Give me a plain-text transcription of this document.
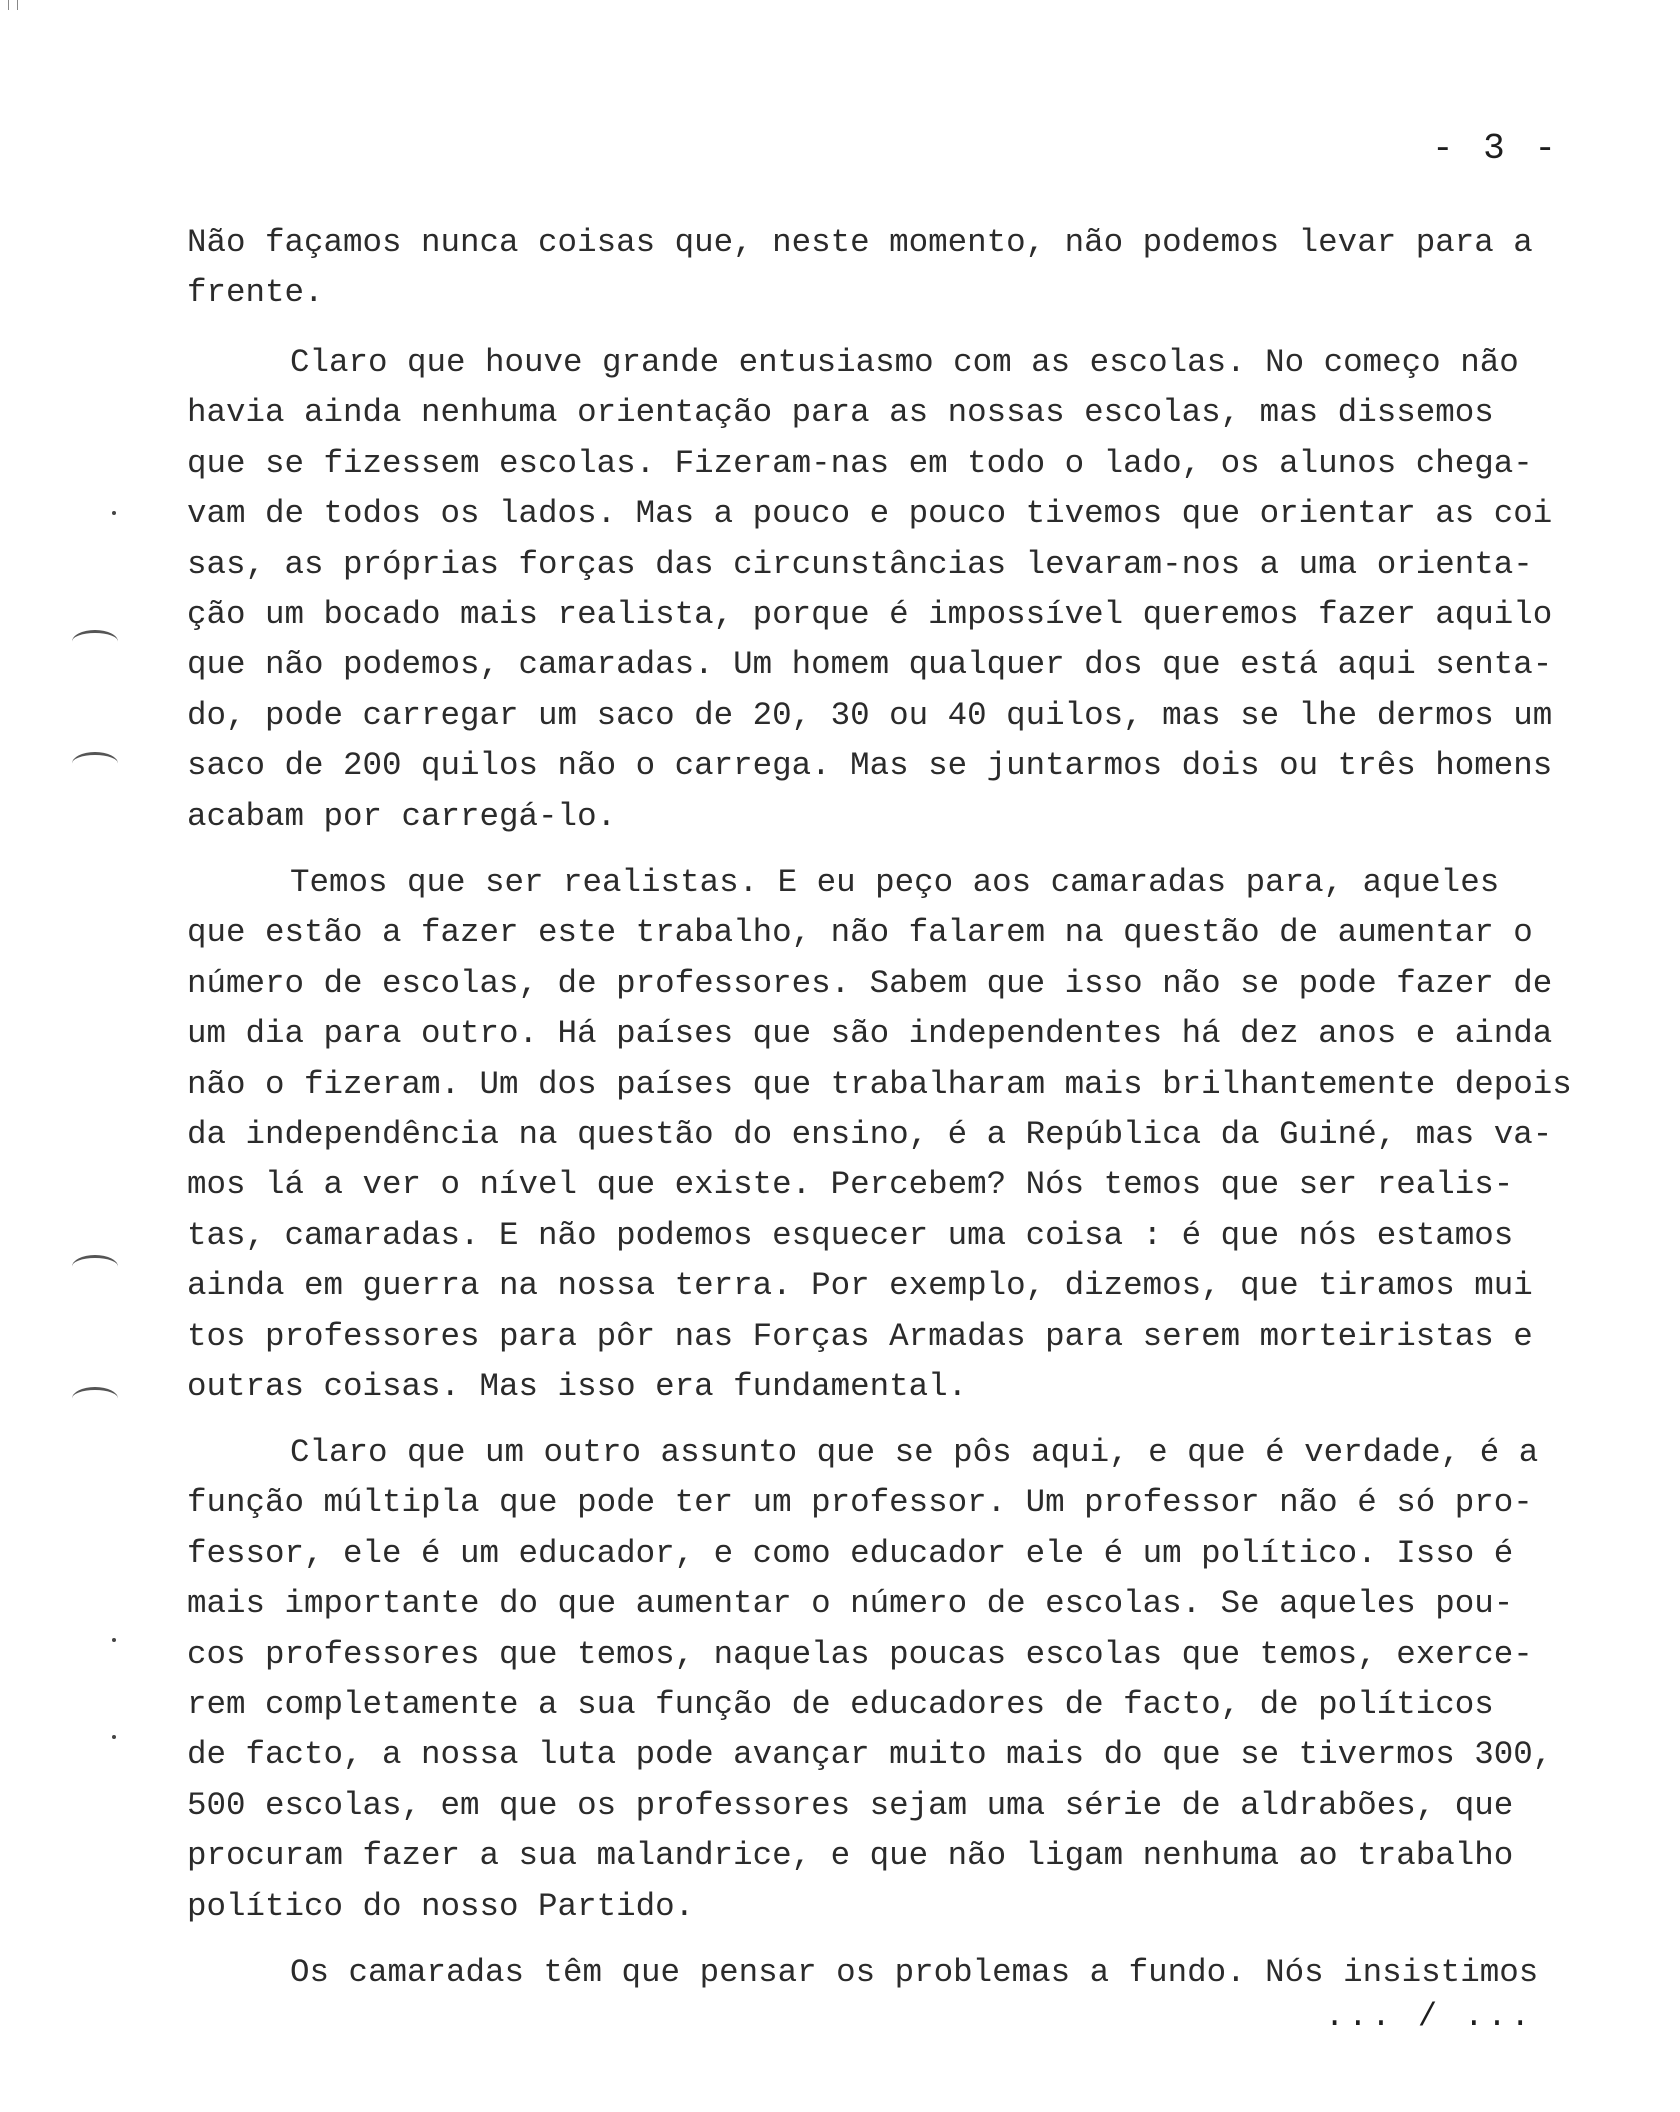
- 3 -
Não façamos nunca coisas que, neste momento, não podemos levar para a
frente.
Claro que houve grande entusiasmo com as escolas. No começo não
havia ainda nenhuma orientação para as nossas escolas, mas dissemos
que se fizessem escolas. Fizeram-nas em todo o lado, os alunos chega-
vam de todos os lados. Mas a pouco e pouco tivemos que orientar as coi
sas, as próprias forças das circunstâncias levaram-nos a uma orienta-
ção um bocado mais realista, porque é impossível queremos fazer aquilo
que não podemos, camaradas. Um homem qualquer dos que está aqui senta-
do, pode carregar um saco de 20, 30 ou 40 quilos, mas se lhe dermos um
saco de 200 quilos não o carrega. Mas se juntarmos dois ou três homens
acabam por carregá-lo.
Temos que ser realistas. E eu peço aos camaradas para, aqueles
que estão a fazer este trabalho, não falarem na questão de aumentar o
número de escolas, de professores. Sabem que isso não se pode fazer de
um dia para outro. Há países que são independentes há dez anos e ainda
não o fizeram. Um dos países que trabalharam mais brilhantemente depois
da independência na questão do ensino, é a República da Guiné, mas va-
mos lá a ver o nível que existe. Percebem? Nós temos que ser realis-
tas, camaradas. E não podemos esquecer uma coisa : é que nós estamos
ainda em guerra na nossa terra. Por exemplo, dizemos, que tiramos mui
tos professores para pôr nas Forças Armadas para serem morteiristas e
outras coisas. Mas isso era fundamental.
Claro que um outro assunto que se pôs aqui, e que é verdade, é a
função múltipla que pode ter um professor. Um professor não é só pro-
fessor, ele é um educador, e como educador ele é um político. Isso é
mais importante do que aumentar o número de escolas. Se aqueles pou-
cos professores que temos, naquelas poucas escolas que temos, exerce-
rem completamente a sua função de educadores de facto, de políticos
de facto, a nossa luta pode avançar muito mais do que se tivermos 300,
500 escolas, em que os professores sejam uma série de aldrabões, que
procuram fazer a sua malandrice, e que não ligam nenhuma ao trabalho
político do nosso Partido.
Os camaradas têm que pensar os problemas a fundo. Nós insistimos
... / ...
